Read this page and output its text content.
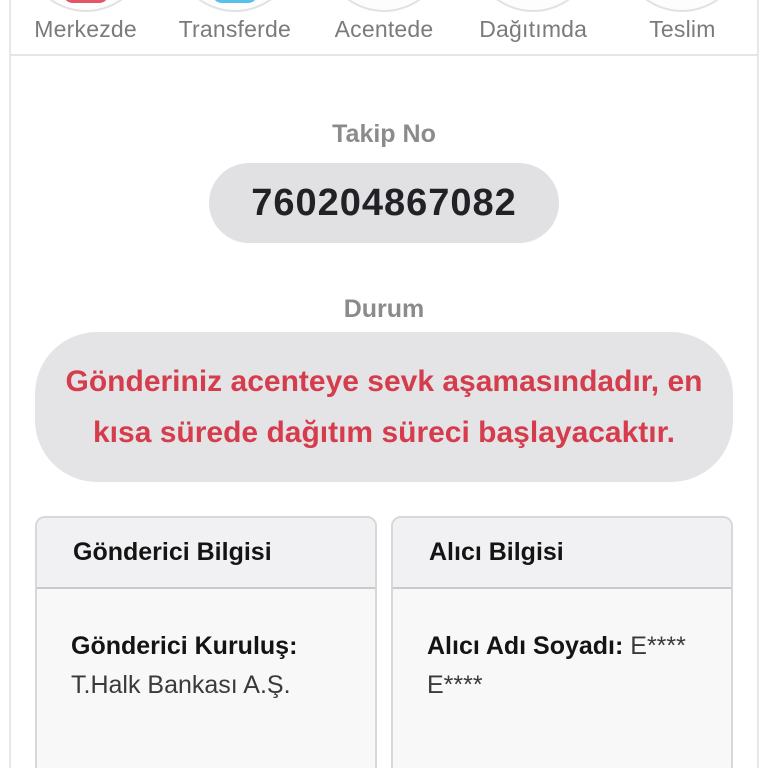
Merkezde Transferde Acentede Dağıtımda	Teslim
Takip No
760204867082
Durum
Gönderiniz acenteye sevk aşamasındadır, en kısa sürede dağıtım süreci başlayacaktır.
Gönderici Bilgisi
Gönderici Kuruluş: T.Halk Bankası A.Ş.
Alıcı Bilgisi
Alıcı Adı Soyadı: E**** E****
